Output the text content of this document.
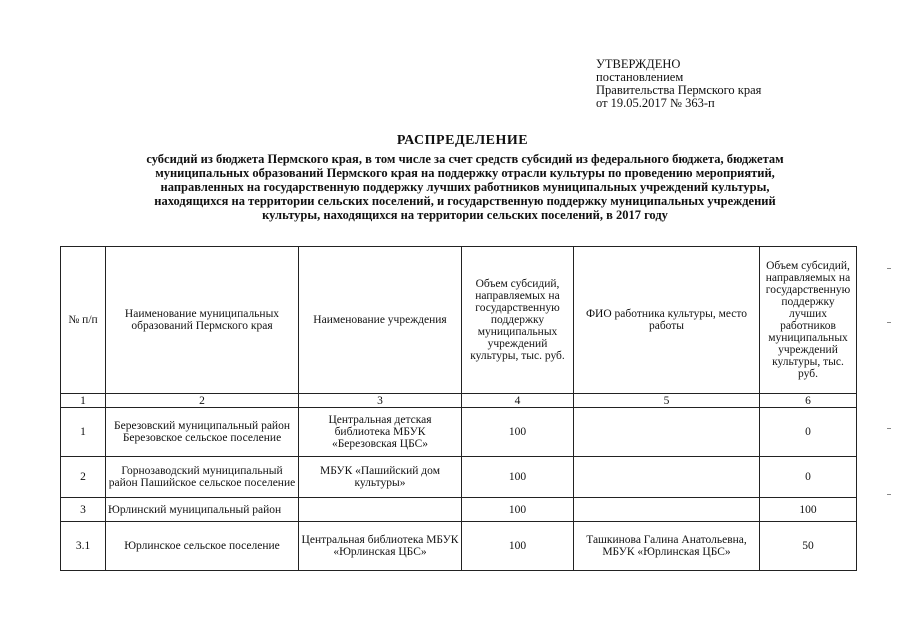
УТВЕРЖДЕНО
постановлением
Правительства Пермского края
от 19.05.2017 № 363-п
РАСПРЕДЕЛЕНИЕ
субсидий из бюджета Пермского края, в том числе за счет средств субсидий из федерального бюджета, бюджетам
муниципальных образований Пермского края на поддержку отрасли культуры по проведению мероприятий,
направленных на государственную поддержку лучших работников муниципальных учреждений культуры,
находящихся на территории сельских поселений, и государственную поддержку муниципальных учреждений
культуры, находящихся на территории сельских поселений, в 2017 году
№ п/п	Наименование муниципальных образований Пермского края	Наименование учреждения	Объем субсидий, направляемых на государственную поддержку муниципальных учреждений культуры, тыс. руб.	ФИО работника культуры, место работы	Объем субсидий, направляемых на государственную поддержку лучших работников муниципальных учреждений культуры, тыс. руб.
1	2	3	4	5	6
1	Березовский муниципальный район Березовское сельское поселение	Центральная детская библиотека МБУК «Березовская ЦБС»	100		0
2	Горнозаводский муниципальный район Пашийское сельское поселение	МБУК «Пашийский дом культуры»	100		0
3	Юрлинский муниципальный район		100		100
3.1	Юрлинское сельское поселение	Центральная библиотека МБУК «Юрлинская ЦБС»	100	Ташкинова Галина Анатольевна, МБУК «Юрлинская ЦБС»	50
